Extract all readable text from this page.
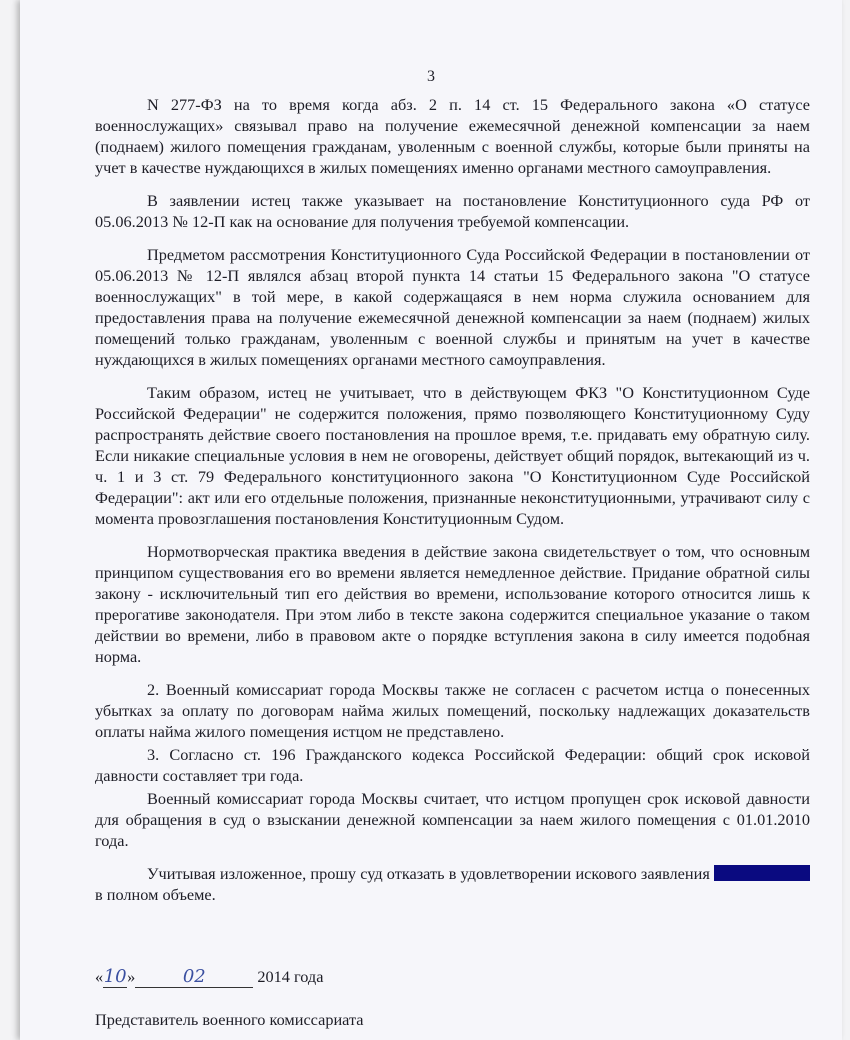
3

N 277-ФЗ на то время когда абз. 2 п. 14 ст. 15 Федерального закона «О статусе военнослужащих» связывал право на получение ежемесячной денежной компенсации за наем (поднаем) жилого помещения гражданам, уволенным с военной службы, которые были приняты на учет в качестве нуждающихся в жилых помещениях именно органами местного самоуправления.

В заявлении истец также указывает на постановление Конституционного суда РФ от 05.06.2013 № 12-П как на основание для получения требуемой компенсации.

Предметом рассмотрения Конституционного Суда Российской Федерации в постановлении от 05.06.2013 № 12-П являлся абзац второй пункта 14 статьи 15 Федерального закона "О статусе военнослужащих" в той мере, в какой содержащаяся в нем норма служила основанием для предоставления права на получение ежемесячной денежной компенсации за наем (поднаем) жилых помещений только гражданам, уволенным с военной службы и принятым на учет в качестве нуждающихся в жилых помещениях органами местного самоуправления.

Таким образом, истец не учитывает, что в действующем ФКЗ "О Конституционном Суде Российской Федерации" не содержится положения, прямо позволяющего Конституционному Суду распространять действие своего постановления на прошлое время, т.е. придавать ему обратную силу. Если никакие специальные условия в нем не оговорены, действует общий порядок, вытекающий из ч. ч. 1 и 3 ст. 79 Федерального конституционного закона "О Конституционном Суде Российской Федерации": акт или его отдельные положения, признанные неконституционными, утрачивают силу с момента провозглашения постановления Конституционным Судом.

Нормотворческая практика введения в действие закона свидетельствует о том, что основным принципом существования его во времени является немедленное действие. Придание обратной силы закону - исключительный тип его действия во времени, использование которого относится лишь к прерогативе законодателя. При этом либо в тексте закона содержится специальное указание о таком действии во времени, либо в правовом акте о порядке вступления закона в силу имеется подобная норма.

2. Военный комиссариат города Москвы также не согласен с расчетом истца о понесенных убытках за оплату по договорам найма жилых помещений, поскольку надлежащих доказательств оплаты найма жилого помещения истцом не представлено.

3. Согласно ст. 196 Гражданского кодекса Российской Федерации: общий срок исковой давности составляет три года.

Военный комиссариат города Москвы считает, что истцом пропущен срок исковой давности для обращения в суд о взыскании денежной компенсации за наем жилого помещения с 01.01.2010 года.

Учитывая изложенное, прошу суд отказать в удовлетворении искового заявления в полном объеме.

«10»	02	2014 года
Представитель военного комиссариата
